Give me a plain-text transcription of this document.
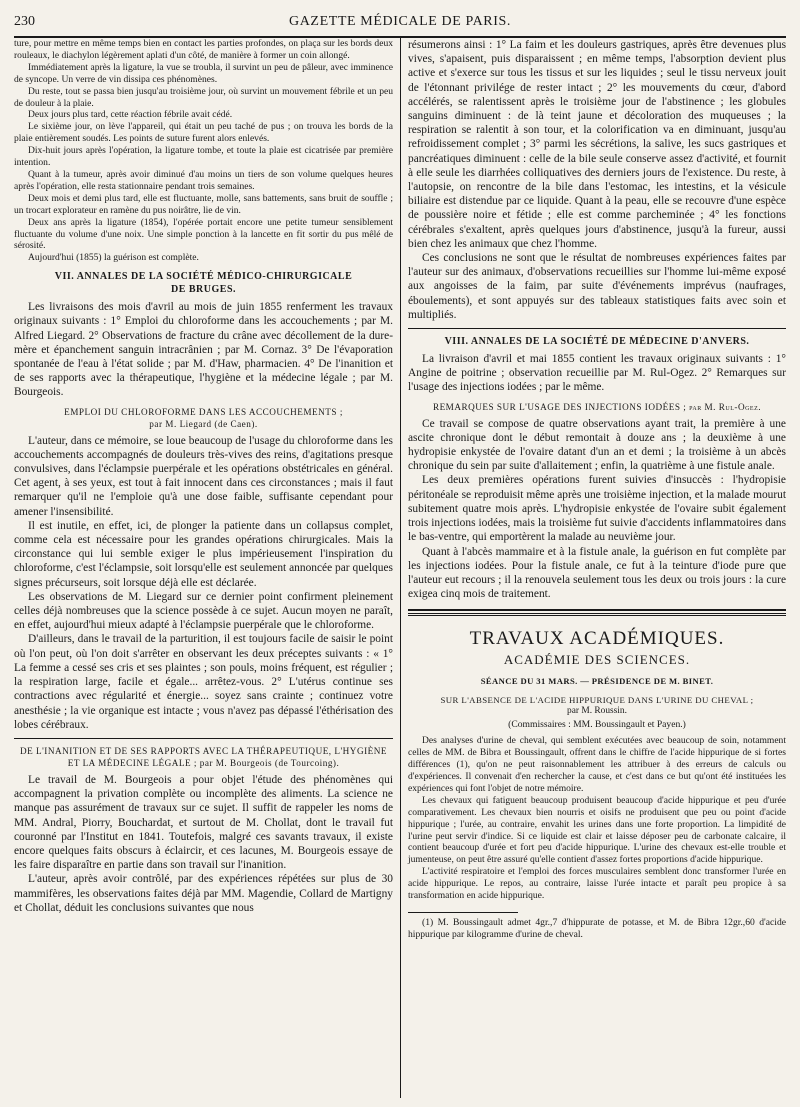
230	GAZETTE MÉDICALE DE PARIS.

ture, pour mettre en même temps bien en contact les parties profondes, on plaça sur les bords deux rouleaux, le diachylon légèrement aplati d'un côté, de manière à former un coin allongé.

Immédiatement après la ligature, la vue se troubla, il survint un peu de pâleur, avec imminence de syncope. Un verre de vin dissipa ces phénomènes.

Du reste, tout se passa bien jusqu'au troisième jour, où survint un mouvement fébrile et un peu de douleur à la plaie.

Deux jours plus tard, cette réaction fébrile avait cédé.

Le sixième jour, on lève l'appareil, qui était un peu taché de pus ; on trouva les bords de la plaie entièrement soudés. Les points de suture furent alors enlevés.

Dix-huit jours après l'opération, la ligature tombe, et toute la plaie est cicatrisée par première intention.

Quant à la tumeur, après avoir diminué d'au moins un tiers de son volume quelques heures après l'opération, elle resta stationnaire pendant trois semaines.

Deux mois et demi plus tard, elle est fluctuante, molle, sans battements, sans bruit de souffle ; un trocart explorateur en ramène du pus noirâtre, lie de vin.

Deux ans après la ligature (1854), l'opérée portait encore une petite tumeur sensiblement fluctuante du volume d'une noix. Une simple ponction à la lancette en fit sortir du pus mêlé de sérosité.

Aujourd'hui (1855) la guérison est complète.

VII. ANNALES DE LA SOCIÉTÉ MÉDICO-CHIRURGICALE
DE BRUGES.

Les livraisons des mois d'avril au mois de juin 1855 renferment les travaux originaux suivants : 1° Emploi du chloroforme dans les accouchements ; par M. Alfred Liegard. 2° Observations de fracture du crâne avec décollement de la dure-mère et épanchement sanguin intracrânien ; par M. Cornaz. 3° De l'évaporation spontanée de l'eau à l'état solide ; par M. d'Haw, pharmacien. 4° De l'inanition et de ses rapports avec la thérapeutique, l'hygiène et la médecine légale ; par M. Bourgeois.

EMPLOI DU CHLOROFORME DANS LES ACCOUCHEMENTS ;
par M. Liegard (de Caen).

L'auteur, dans ce mémoire, se loue beaucoup de l'usage du chloroforme dans les accouchements accompagnés de douleurs très-vives des reins, d'agitations presque convulsives, dans l'éclampsie puerpérale et les opérations obstétricales en général. Cet agent, à ses yeux, est tout à fait innocent dans ces circonstances ; mais il faut remarquer qu'il ne l'emploie qu'à une dose faible, suffisante cependant pour amener l'insensibilité.

Il est inutile, en effet, ici, de plonger la patiente dans un collapsus complet, comme cela est nécessaire pour les grandes opérations chirurgicales. Mais la circonstance qui lui semble exiger le plus impérieusement l'inspiration du chloroforme, c'est l'éclampsie, soit lorsqu'elle est seulement annoncée par quelques signes précurseurs, soit lorsque déjà elle est déclarée.

Les observations de M. Liegard sur ce dernier point confirment pleinement celles déjà nombreuses que la science possède à ce sujet. Aucun moyen ne paraît, en effet, aujourd'hui mieux adapté à l'éclampsie puerpérale que le chloroforme.

D'ailleurs, dans le travail de la parturition, il est toujours facile de saisir le point où l'on peut, où l'on doit s'arrêter en observant les deux préceptes suivants : « 1° La femme a cessé ses cris et ses plaintes ; son pouls, moins fréquent, est régulier ; la respiration large, facile et égale... arrêtez-vous. 2° L'utérus continue ses contractions avec régularité et énergie... soyez sans crainte ; continuez votre anesthésie ; la vie organique est intacte ; vous n'avez pas dépassé l'éthérisation des lobes cérébraux.

DE L'INANITION ET DE SES RAPPORTS AVEC LA THÉRAPEUTIQUE, L'HYGIÈNE
ET LA MÉDECINE LÉGALE ; par M. Bourgeois (de Tourcoing).

Le travail de M. Bourgeois a pour objet l'étude des phénomènes qui accompagnent la privation complète ou incomplète des aliments. La science ne manque pas assurément de travaux sur ce sujet. Il suffit de rappeler les noms de MM. Andral, Piorry, Bouchardat, et surtout de M. Chollat, dont le travail fut couronné par l'Institut en 1841. Toutefois, malgré ces savants travaux, il existe encore quelques faits obscurs à éclaircir, et ces lacunes, M. Bourgeois essaye de les faire disparaître en partie dans son travail sur l'inanition.

L'auteur, après avoir contrôlé, par des expériences répétées sur plus de 30 mammifères, les observations faites déjà par MM. Magendie, Collard de Martigny et Chollat, déduit les conclusions suivantes que nous

résumerons ainsi : 1° La faim et les douleurs gastriques, après être devenues plus vives, s'apaisent, puis disparaissent ; en même temps, l'absorption devient plus active et s'exerce sur tous les tissus et sur les liquides ; seul le tissu nerveux jouit de l'étonnant privilége de rester intact ; 2° les mouvements du cœur, d'abord accélérés, se ralentissent après le troisième jour de l'abstinence ; les globules sanguins diminuent : de là teint jaune et décoloration des muqueuses ; la respiration se ralentit à son tour, et la colorification va en diminuant, jusqu'au refroidissement complet ; 3° parmi les sécrétions, la salive, les sucs gastriques et pancréatiques diminuent : celle de la bile seule conserve assez d'activité, et fournit à elle seule les diarrhées colliquatives des derniers jours de l'existence. Du reste, à l'autopsie, on rencontre de la bile dans l'estomac, les intestins, et la vésicule biliaire est distendue par ce liquide. Quant à la peau, elle se recouvre d'une espèce de poussière noire et fétide ; elle est comme parcheminée ; 4° les fonctions cérébrales s'exaltent, après quelques jours d'abstinence, jusqu'à la fureur, aussi bien chez les animaux que chez l'homme.

Ces conclusions ne sont que le résultat de nombreuses expériences faites par l'auteur sur des animaux, d'observations recueillies sur l'homme lui-même exposé aux angoisses de la faim, par suite d'événements imprévus (naufrages, éboulements), et sont appuyés sur des tableaux statistiques faits avec soin et multipliés.

VIII. ANNALES DE LA SOCIÉTÉ DE MÉDECINE D'ANVERS.

La livraison d'avril et mai 1855 contient les travaux originaux suivants : 1° Angine de poitrine ; observation recueillie par M. Rul-Ogez. 2° Remarques sur l'usage des injections iodées ; par le même.

REMARQUES SUR L'USAGE DES INJECTIONS IODÉES ; par M. Rul-Ogez.

Ce travail se compose de quatre observations ayant trait, la première à une ascite chronique dont le début remontait à douze ans ; la deuxième à une hydropisie enkystée de l'ovaire datant d'un an et demi ; la troisième à un abcès chronique du sein par suite d'allaitement ; enfin, la quatrième à une fistule anale.

Les deux premières opérations furent suivies d'insuccès : l'hydropisie péritonéale se reproduisit même après une troisième injection, et la malade mourut subitement quatre mois après. L'hydropisie enkystée de l'ovaire subit également trois injections iodées, mais la troisième fut suivie d'accidents inflammatoires dans le bas-ventre, qui emportèrent la malade au neuvième jour.

Quant à l'abcès mammaire et à la fistule anale, la guérison en fut complète par les injections iodées. Pour la fistule anale, ce fut à la teinture d'iode pure que l'auteur eut recours ; il la renouvela seulement tous les deux ou trois jours : la cure exigea cinq mois de traitement.

TRAVAUX ACADÉMIQUES.
ACADÉMIE DES SCIENCES.
SÉANCE DU 31 MARS. — PRÉSIDENCE DE M. BINET.
SUR L'ABSENCE DE L'ACIDE HIPPURIQUE DANS L'URINE DU CHEVAL ;
par M. Roussin.
(Commissaires : MM. Boussingault et Payen.)

Des analyses d'urine de cheval, qui semblent exécutées avec beaucoup de soin, notamment celles de MM. de Bibra et Boussingault, offrent dans le chiffre de l'acide hippurique de si fortes différences (1), qu'on ne peut raisonnablement les attribuer à des erreurs de calculs ou d'expériences. Il convenait d'en rechercher la cause, et c'est dans ce but qu'ont été instituées les expériences qui font l'objet de notre mémoire.

Les chevaux qui fatiguent beaucoup produisent beaucoup d'acide hippurique et peu d'urée comparativement. Les chevaux bien nourris et oisifs ne produisent que peu ou point d'acide hippurique ; l'urée, au contraire, envahit les urines dans une forte proportion. La limpidité de l'urine peut servir d'indice. Si ce liquide est clair et laisse déposer peu de carbonate calcaire, il contient beaucoup d'urée et fort peu d'acide hippurique. L'urine des chevaux est-elle trouble et jumenteuse, on peut être assuré qu'elle contient d'assez fortes proportions d'acide hippurique.

L'activité respiratoire et l'emploi des forces musculaires semblent donc transformer l'urée en acide hippurique. Le repos, au contraire, laisse l'urée intacte et paraît peu propice à sa transformation en acide hippurique.

(1) M. Boussingault admet 4gr.,7 d'hippurate de potasse, et M. de Bibra 12gr.,60 d'acide hippurique par kilogramme d'urine de cheval.
